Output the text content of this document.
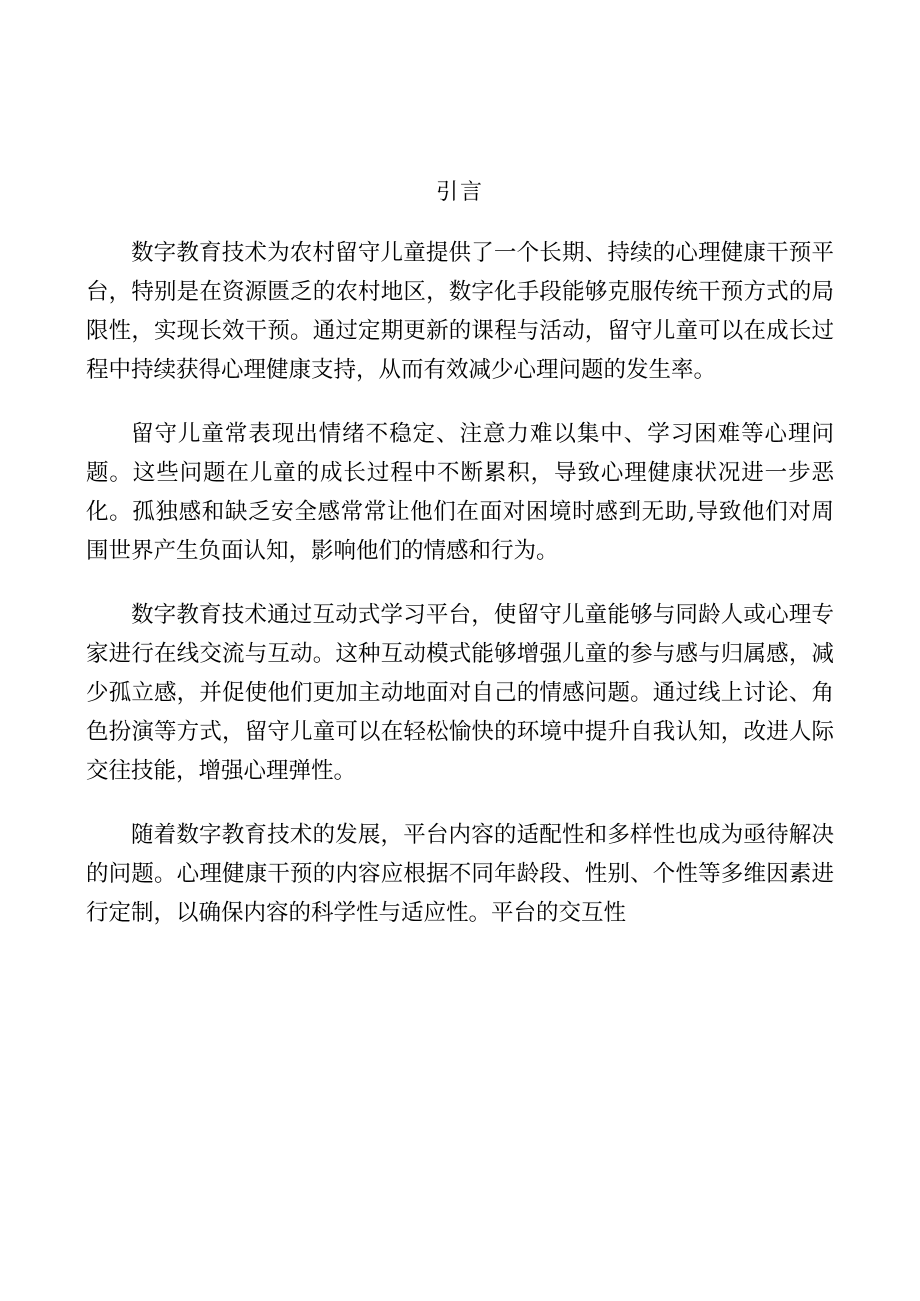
引言

数字教育技术为农村留守儿童提供了一个长期、持续的心理健康干预平台，特别是在资源匮乏的农村地区，数字化手段能够克服传统干预方式的局限性，实现长效干预。通过定期更新的课程与活动，留守儿童可以在成长过程中持续获得心理健康支持，从而有效减少心理问题的发生率。

留守儿童常表现出情绪不稳定、注意力难以集中、学习困难等心理问题。这些问题在儿童的成长过程中不断累积，导致心理健康状况进一步恶化。孤独感和缺乏安全感常常让他们在面对困境时感到无助,导致他们对周围世界产生负面认知，影响他们的情感和行为。

数字教育技术通过互动式学习平台，使留守儿童能够与同龄人或心理专家进行在线交流与互动。这种互动模式能够增强儿童的参与感与归属感，减少孤立感，并促使他们更加主动地面对自己的情感问题。通过线上讨论、角色扮演等方式，留守儿童可以在轻松愉快的环境中提升自我认知，改进人际交往技能，增强心理弹性。

随着数字教育技术的发展，平台内容的适配性和多样性也成为亟待解决的问题。心理健康干预的内容应根据不同年龄段、性别、个性等多维因素进行定制，以确保内容的科学性与适应性。平台的交互性
